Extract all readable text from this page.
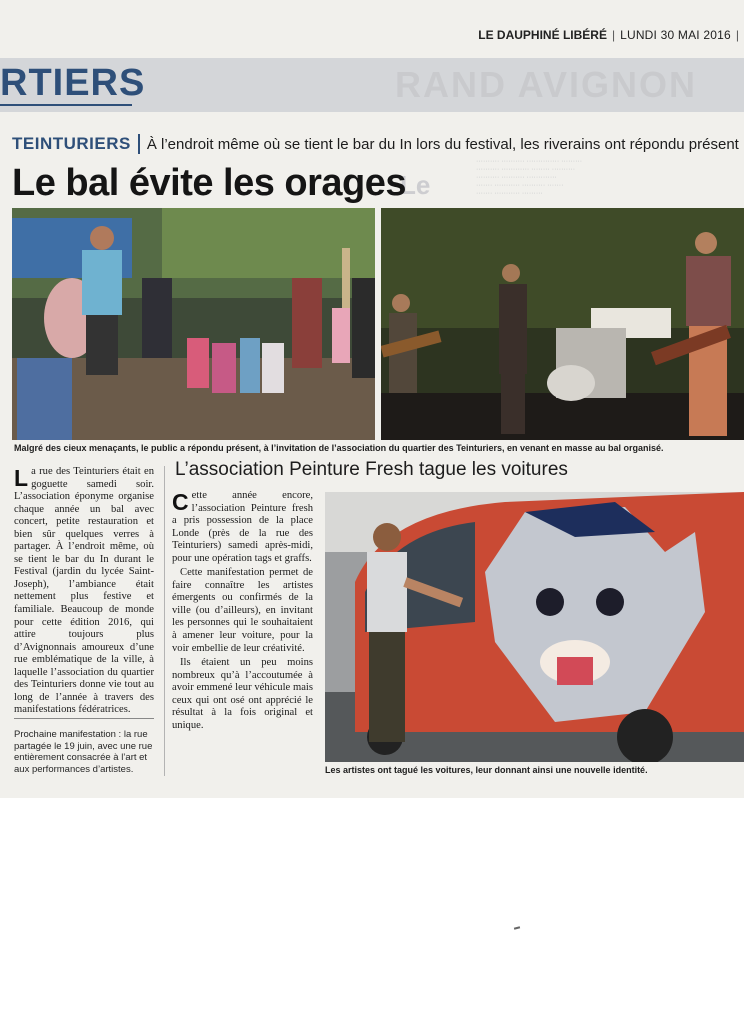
LE DAUPHINÉ LIBÉRÉ | LUNDI 30 MAI 2016 |
RAND AVIGNON
RTIERS
TEINTURIERS À l’endroit même où se tient le bar du In lors du festival, les riverains ont répondu présent
Le
·········· ·········· ·············· ·········
·········· ············ ········ ··········
·········· ·········· ·············
······· ··········· ·········· ·······
······· ··········· ·········
Le bal évite les orages
Malgré des cieux menaçants, le public a répondu présent, à l’invitation de l’association du quartier des Teinturiers, en venant en masse au bal organisé.

La rue des Teinturiers était en goguette samedi soir. L’association éponyme organise chaque année un bal avec concert, petite restauration et bien sûr quelques verres à partager. À l’endroit même, où se tient le bar du In durant le Festival (jardin du lycée Saint-Joseph), l’ambiance était nettement plus festive et familiale. Beaucoup de monde pour cette édition 2016, qui attire toujours plus d’Avignonnais amoureux d’une rue emblématique de la ville, à laquelle l’association du quartier des Teinturiers donne vie tout au long de l’année à travers des manifestations fédératrices.

Prochaine manifestation : la rue partagée le 19 juin, avec une rue entièrement consacrée à l’art et aux performances d’artistes.
L’association Peinture Fresh tague les voitures

Cette année encore, l’association Peinture fresh a pris possession de la place Londe (près de la rue des Teinturiers) samedi après-midi, pour une opération tags et graffs.

Cette manifestation permet de faire connaître les artistes émergents ou confirmés de la ville (ou d’ailleurs), en invitant les personnes qui le souhaitaient à amener leur voiture, pour la voir embellie de leur créativité.

Ils étaient un peu moins nombreux qu’à l’accoutumée à avoir emmené leur véhicule mais ceux qui ont osé ont apprécié le résultat à la fois original et unique.

Les artistes ont tagué les voitures, leur donnant ainsi une nouvelle identité.
